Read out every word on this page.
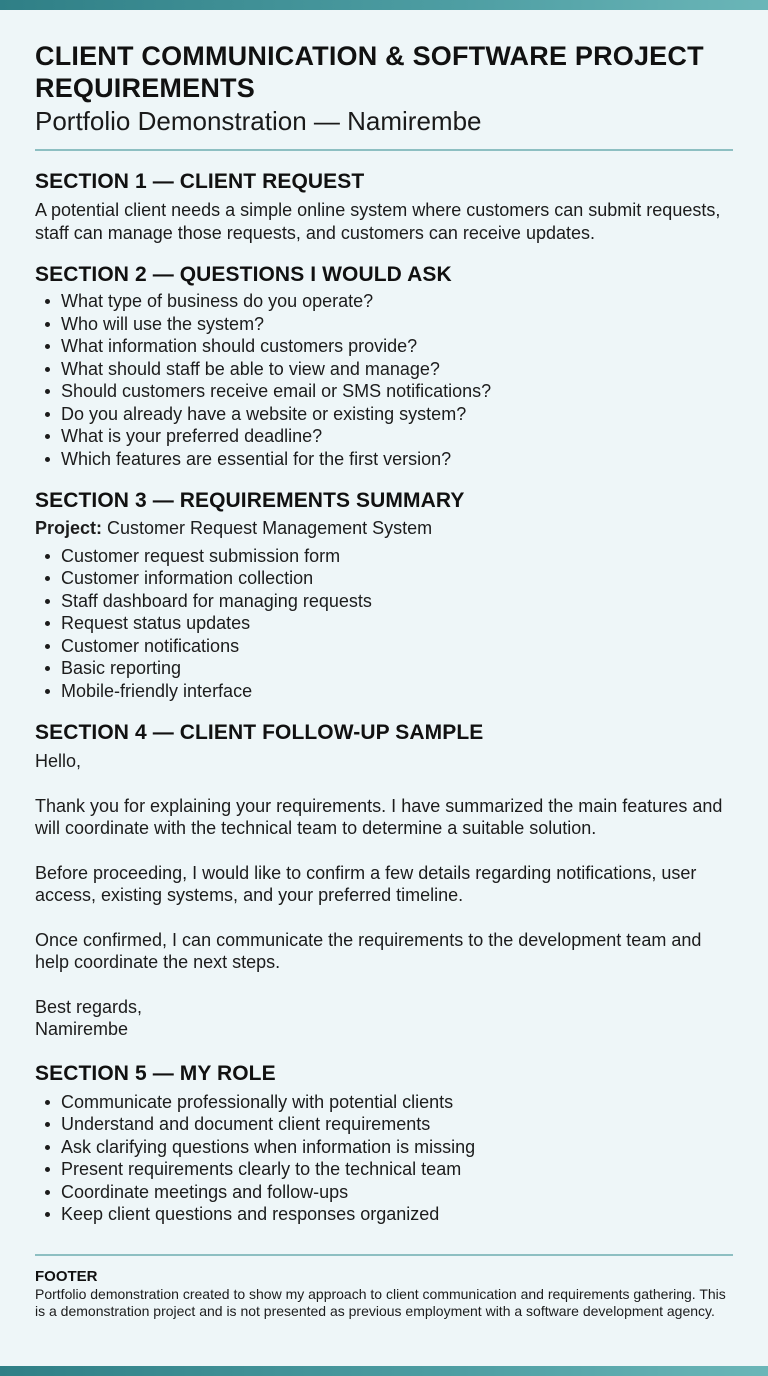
CLIENT COMMUNICATION & SOFTWARE PROJECT REQUIREMENTS
Portfolio Demonstration — Namirembe
SECTION 1 — CLIENT REQUEST

A potential client needs a simple online system where customers can submit requests, staff can manage those requests, and customers can receive updates.

SECTION 2 — QUESTIONS I WOULD ASK
What type of business do you operate?
Who will use the system?
What information should customers provide?
What should staff be able to view and manage?
Should customers receive email or SMS notifications?
Do you already have a website or existing system?
What is your preferred deadline?
Which features are essential for the first version?
SECTION 3 — REQUIREMENTS SUMMARY

Project: Customer Request Management System

Customer request submission form
Customer information collection
Staff dashboard for managing requests
Request status updates
Customer notifications
Basic reporting
Mobile-friendly interface
SECTION 4 — CLIENT FOLLOW-UP SAMPLE

Hello,

Thank you for explaining your requirements. I have summarized the main features and will coordinate with the technical team to determine a suitable solution.

Before proceeding, I would like to confirm a few details regarding notifications, user access, existing systems, and your preferred timeline.

Once confirmed, I can communicate the requirements to the development team and help coordinate the next steps.

Best regards,

Namirembe

SECTION 5 — MY ROLE
Communicate professionally with potential clients
Understand and document client requirements
Ask clarifying questions when information is missing
Present requirements clearly to the technical team
Coordinate meetings and follow-ups
Keep client questions and responses organized
FOOTER

Portfolio demonstration created to show my approach to client communication and requirements gathering. This is a demonstration project and is not presented as previous employment with a software development agency.
